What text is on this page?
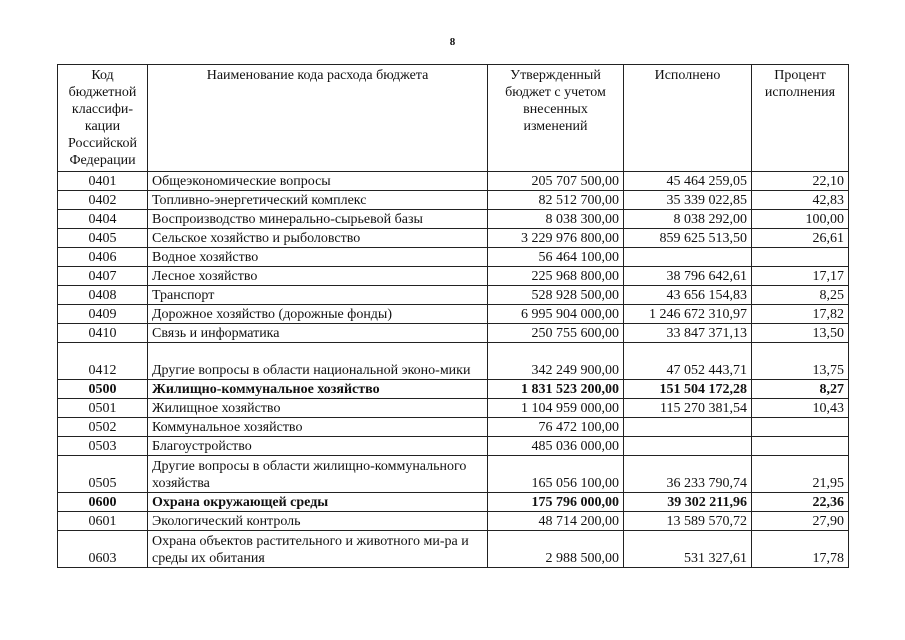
8
Код бюджетной классифи-кации Российской Федерации	Наименование кода расхода бюджета	Утвержденный бюджет с учетом внесенных изменений	Исполнено	Процент исполнения
0401	Общеэкономические вопросы	205 707 500,00	45 464 259,05	22,10
0402	Топливно-энергетический комплекс	82 512 700,00	35 339 022,85	42,83
0404	Воспроизводство минерально-сырьевой базы	8 038 300,00	8 038 292,00	100,00
0405	Сельское хозяйство и рыболовство	3 229 976 800,00	859 625 513,50	26,61
0406	Водное хозяйство	56 464 100,00		
0407	Лесное хозяйство	225 968 800,00	38 796 642,61	17,17
0408	Транспорт	528 928 500,00	43 656 154,83	8,25
0409	Дорожное хозяйство (дорожные фонды)	6 995 904 000,00	1 246 672 310,97	17,82
0410	Связь и информатика	250 755 600,00	33 847 371,13	13,50
0412	Другие вопросы в области национальной эконо-мики	342 249 900,00	47 052 443,71	13,75
0500	Жилищно-коммунальное хозяйство	1 831 523 200,00	151 504 172,28	8,27
0501	Жилищное хозяйство	1 104 959 000,00	115 270 381,54	10,43
0502	Коммунальное хозяйство	76 472 100,00		
0503	Благоустройство	485 036 000,00		
0505	Другие вопросы в области жилищно-коммунального хозяйства	165 056 100,00	36 233 790,74	21,95
0600	Охрана окружающей среды	175 796 000,00	39 302 211,96	22,36
0601	Экологический контроль	48 714 200,00	13 589 570,72	27,90
0603	Охрана объектов растительного и животного ми-ра и среды их обитания	2 988 500,00	531 327,61	17,78
